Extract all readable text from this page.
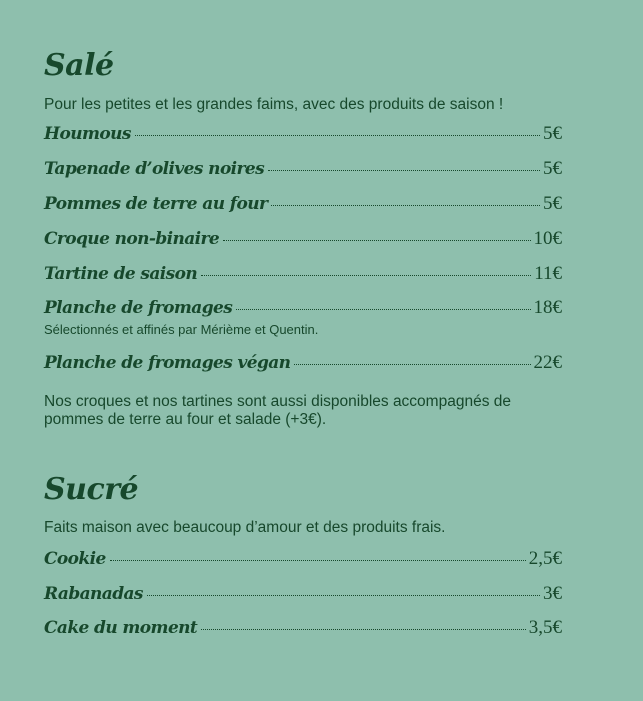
Salé
Pour les petites et les grandes faims, avec des produits de saison !
Houmous	5€
Tapenade d’olives noires	5€
Pommes de terre au four	5€
Croque non-binaire	10€
Tartine de saison	11€
Planche de fromages	18€
Sélectionnés et affinés par Mérième et Quentin.
Planche de fromages végan	22€
Nos croques et nos tartines sont aussi disponibles accompagnés de pommes de terre au four et salade (+3€).
Sucré
Faits maison avec beaucoup d’amour et des produits frais.
Cookie	2,5€
Rabanadas	3€
Cake du moment	3,5€
